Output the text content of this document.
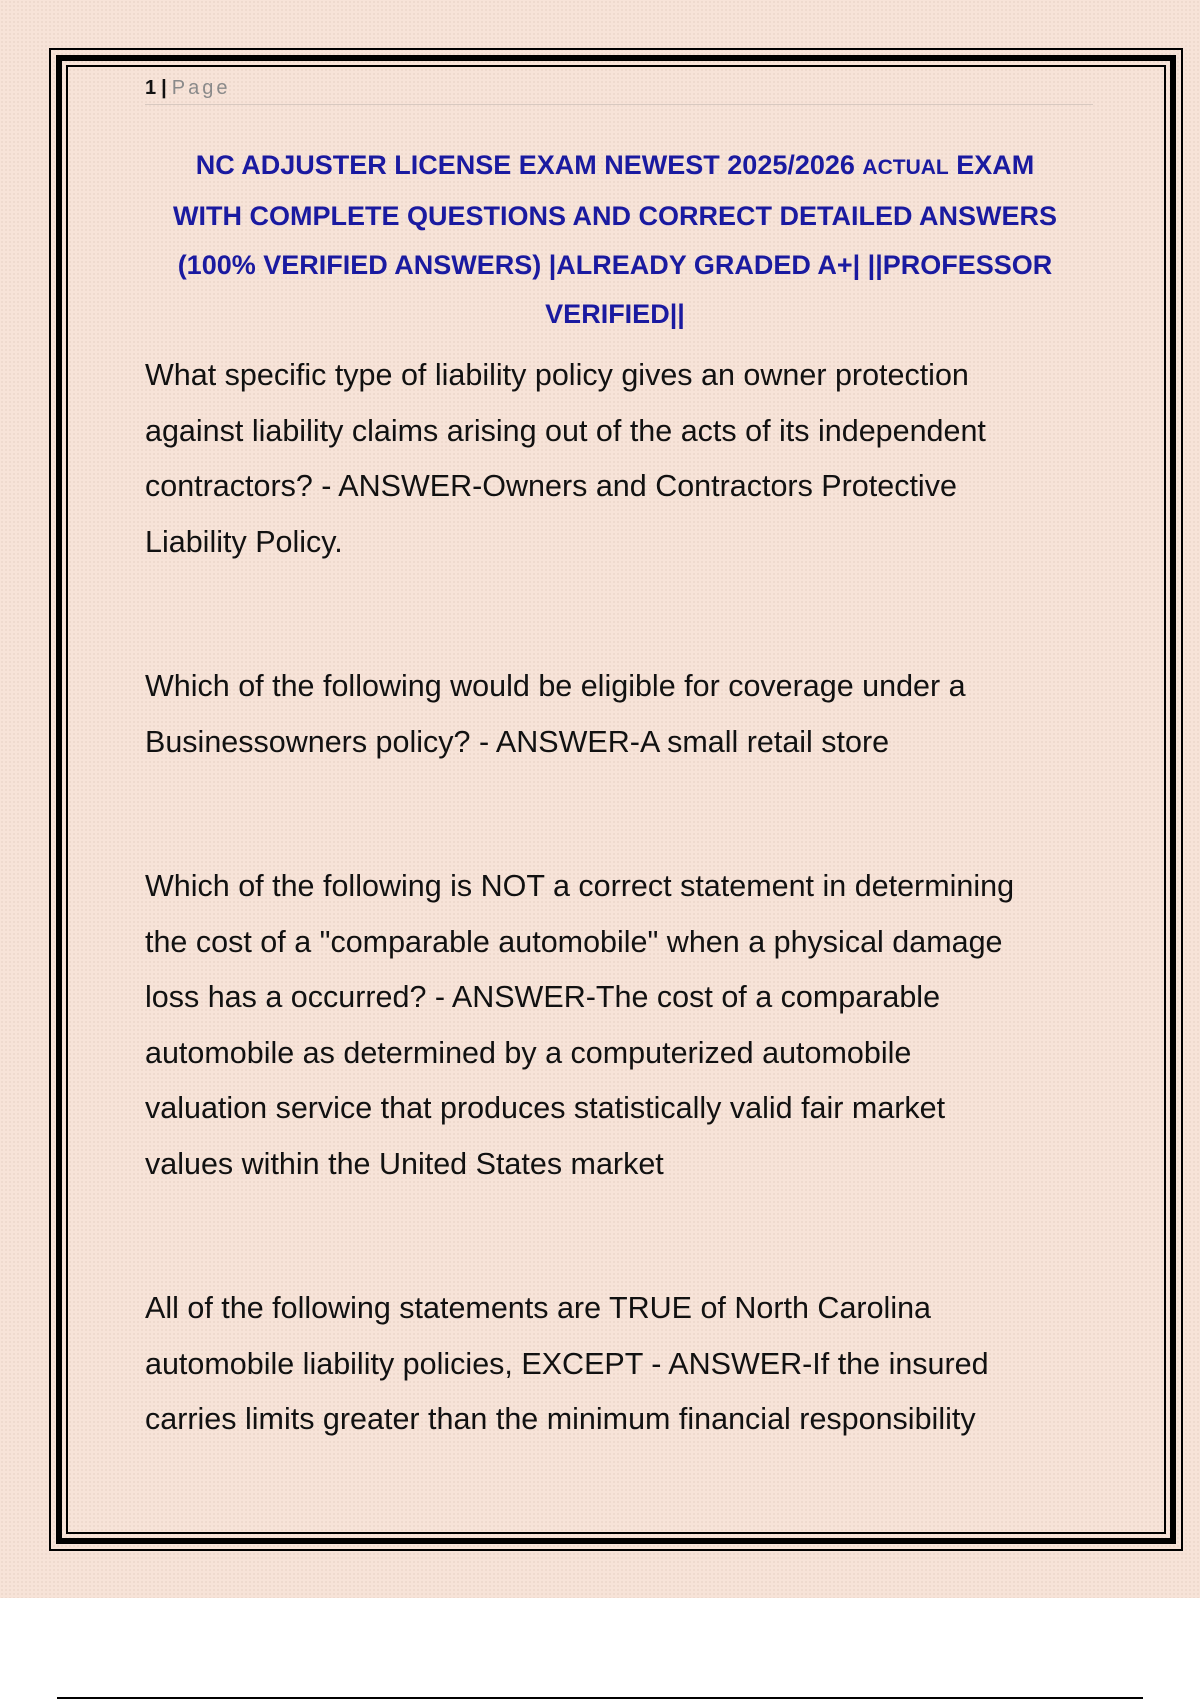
1 | Page
NC ADJUSTER LICENSE EXAM NEWEST 2025/2026 ACTUAL EXAM
WITH COMPLETE QUESTIONS AND CORRECT DETAILED ANSWERS
(100% VERIFIED ANSWERS) |ALREADY GRADED A+| ||PROFESSOR
VERIFIED||
What specific type of liability policy gives an owner protection
against liability claims arising out of the acts of its independent
contractors? - ANSWER-Owners and Contractors Protective
Liability Policy.
Which of the following would be eligible for coverage under a
Businessowners policy? - ANSWER-A small retail store
Which of the following is NOT a correct statement in determining
the cost of a "comparable automobile" when a physical damage
loss has a occurred? - ANSWER-The cost of a comparable
automobile as determined by a computerized automobile
valuation service that produces statistically valid fair market
values within the United States market
All of the following statements are TRUE of North Carolina
automobile liability policies, EXCEPT - ANSWER-If the insured
carries limits greater than the minimum financial responsibility
